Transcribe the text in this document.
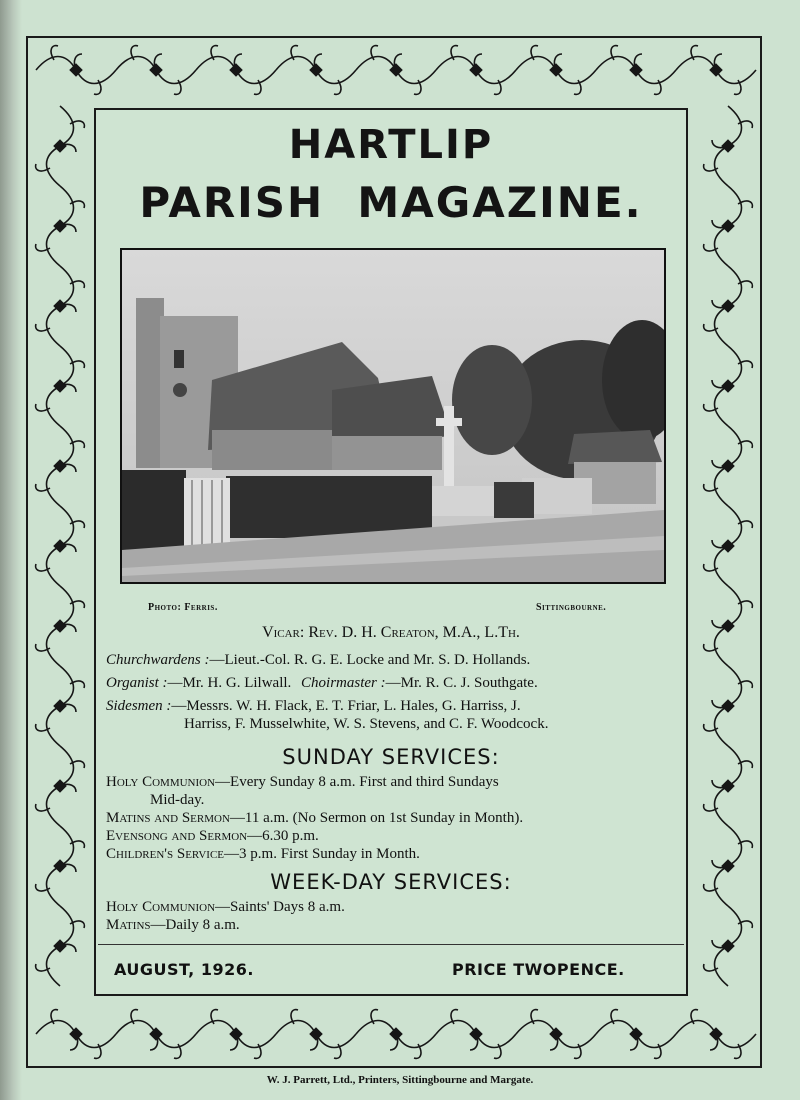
HARTLIP
PARISH  MAGAZINE.
Photo: Ferris.	Sittingbourne.
Vicar: Rev. D. H. Creaton, M.A., L.Th.
Churchwardens :—Lieut.-Col. R. G. E. Locke and Mr. S. D. Hollands.
Organist :—Mr. H. G. Lilwall. Choirmaster :—Mr. R. C. J. Southgate.
Sidesmen :—Messrs. W. H. Flack, E. T. Friar, L. Hales, G. Harriss, J.
Harriss, F. Musselwhite, W. S. Stevens, and C. F. Woodcock.
SUNDAY SERVICES:
Holy Communion—Every Sunday 8 a.m. First and third Sundays
Mid-day.
Matins and Sermon—11 a.m. (No Sermon on 1st Sunday in Month).
Evensong and Sermon—6.30 p.m.
Children's Service—3 p.m. First Sunday in Month.
WEEK-DAY SERVICES:
Holy Communion—Saints' Days 8 a.m.
Matins—Daily 8 a.m.
AUGUST, 1926.	PRICE TWOPENCE.
W. J. Parrett, Ltd., Printers, Sittingbourne and Margate.
